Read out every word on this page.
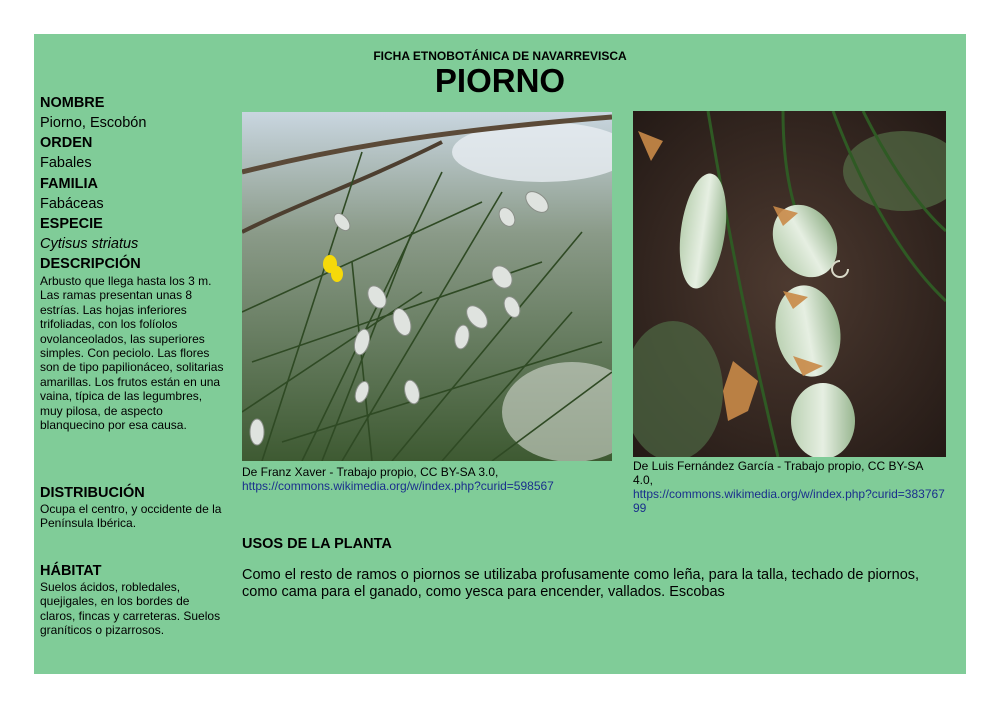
FICHA ETNOBOTÁNICA DE NAVARREVISCA
PIORNO
NOMBRE
Piorno, Escobón
ORDEN
Fabales
FAMILIA
Fabáceas
ESPECIE
Cytisus striatus
DESCRIPCIÓN
Arbusto que llega hasta los 3 m. Las ramas presentan unas 8 estrías. Las hojas inferiores trifoliadas, con los folíolos ovolanceolados, las superiores simples. Con peciolo. Las flores son de tipo papilionáceo, solitarias amarillas. Los frutos están en una vaina, típica de las legumbres, muy pilosa, de aspecto blanquecino por esa causa.
DISTRIBUCIÓN
Ocupa el centro, y occidente de la Península Ibérica.
HÁBITAT
Suelos ácidos, robledales, quejigales, en los bordes de claros, fincas y carreteras. Suelos graníticos o pizarrosos.
De Franz Xaver - Trabajo propio, CC BY-SA 3.0,
https://commons.wikimedia.org/w/index.php?curid=598567
De Luis Fernández García - Trabajo propio, CC BY-SA 4.0,
https://commons.wikimedia.org/w/index.php?curid=38376799
USOS DE LA PLANTA
Como el resto de ramos o piornos se utilizaba profusamente como leña, para la talla, techado de piornos, como cama para el ganado, como yesca para encender, vallados. Escobas
